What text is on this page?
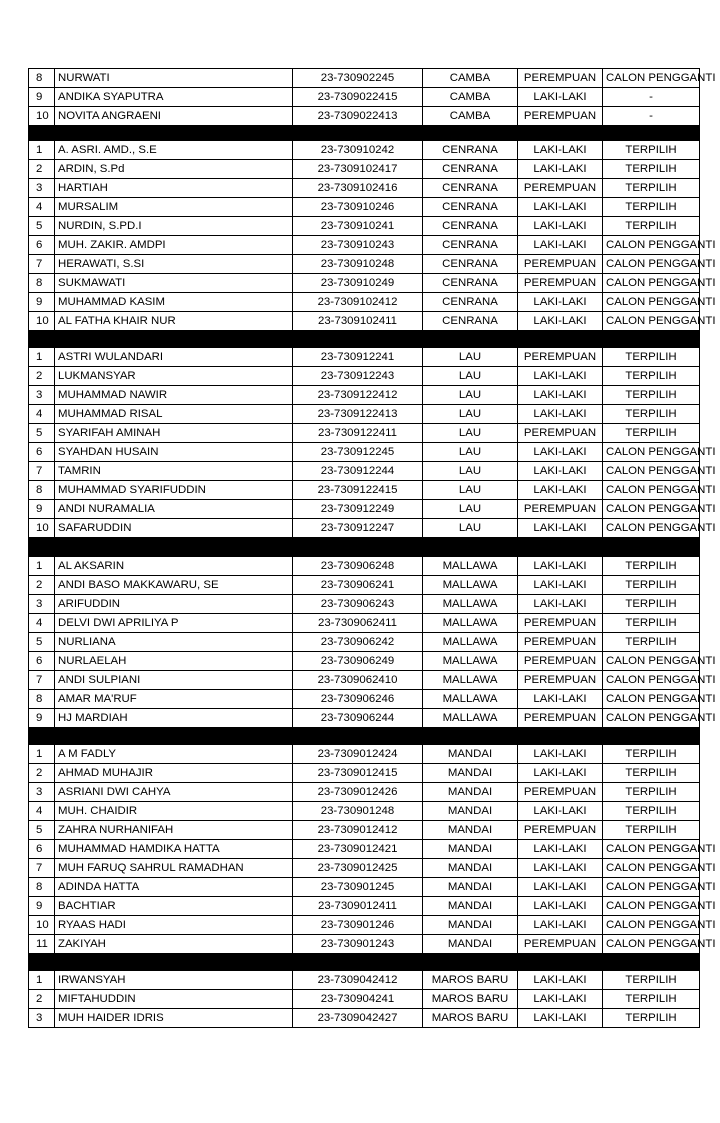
8	NURWATI	23-730902245	CAMBA	PEREMPUAN	CALON PENGGANTI
9	ANDIKA SYAPUTRA	23-7309022415	CAMBA	LAKI-LAKI	-
10	NOVITA ANGRAENI	23-7309022413	CAMBA	PEREMPUAN	-

1	A. ASRI. AMD., S.E	23-730910242	CENRANA	LAKI-LAKI	TERPILIH
2	ARDIN, S.Pd	23-7309102417	CENRANA	LAKI-LAKI	TERPILIH
3	HARTIAH	23-7309102416	CENRANA	PEREMPUAN	TERPILIH
4	MURSALIM	23-730910246	CENRANA	LAKI-LAKI	TERPILIH
5	NURDIN, S.PD.I	23-730910241	CENRANA	LAKI-LAKI	TERPILIH
6	MUH. ZAKIR. AMDPI	23-730910243	CENRANA	LAKI-LAKI	CALON PENGGANTI
7	HERAWATI, S.SI	23-730910248	CENRANA	PEREMPUAN	CALON PENGGANTI
8	SUKMAWATI	23-730910249	CENRANA	PEREMPUAN	CALON PENGGANTI
9	MUHAMMAD KASIM	23-7309102412	CENRANA	LAKI-LAKI	CALON PENGGANTI
10	AL FATHA KHAIR NUR	23-7309102411	CENRANA	LAKI-LAKI	CALON PENGGANTI

1	ASTRI WULANDARI	23-730912241	LAU	PEREMPUAN	TERPILIH
2	LUKMANSYAR	23-730912243	LAU	LAKI-LAKI	TERPILIH
3	MUHAMMAD NAWIR	23-7309122412	LAU	LAKI-LAKI	TERPILIH
4	MUHAMMAD RISAL	23-7309122413	LAU	LAKI-LAKI	TERPILIH
5	SYARIFAH AMINAH	23-7309122411	LAU	PEREMPUAN	TERPILIH
6	SYAHDAN HUSAIN	23-730912245	LAU	LAKI-LAKI	CALON PENGGANTI
7	TAMRIN	23-730912244	LAU	LAKI-LAKI	CALON PENGGANTI
8	MUHAMMAD SYARIFUDDIN	23-7309122415	LAU	LAKI-LAKI	CALON PENGGANTI
9	ANDI NURAMALIA	23-730912249	LAU	PEREMPUAN	CALON PENGGANTI
10	SAFARUDDIN	23-730912247	LAU	LAKI-LAKI	CALON PENGGANTI

1	AL AKSARIN	23-730906248	MALLAWA	LAKI-LAKI	TERPILIH
2	ANDI BASO MAKKAWARU, SE	23-730906241	MALLAWA	LAKI-LAKI	TERPILIH
3	ARIFUDDIN	23-730906243	MALLAWA	LAKI-LAKI	TERPILIH
4	DELVI DWI APRILIYA P	23-7309062411	MALLAWA	PEREMPUAN	TERPILIH
5	NURLIANA	23-730906242	MALLAWA	PEREMPUAN	TERPILIH
6	NURLAELAH	23-730906249	MALLAWA	PEREMPUAN	CALON PENGGANTI
7	ANDI SULPIANI	23-7309062410	MALLAWA	PEREMPUAN	CALON PENGGANTI
8	AMAR MA'RUF	23-730906246	MALLAWA	LAKI-LAKI	CALON PENGGANTI
9	HJ MARDIAH	23-730906244	MALLAWA	PEREMPUAN	CALON PENGGANTI

1	A M FADLY	23-7309012424	MANDAI	LAKI-LAKI	TERPILIH
2	AHMAD MUHAJIR	23-7309012415	MANDAI	LAKI-LAKI	TERPILIH
3	ASRIANI DWI CAHYA	23-7309012426	MANDAI	PEREMPUAN	TERPILIH
4	MUH. CHAIDIR	23-730901248	MANDAI	LAKI-LAKI	TERPILIH
5	ZAHRA NURHANIFAH	23-7309012412	MANDAI	PEREMPUAN	TERPILIH
6	MUHAMMAD HAMDIKA HATTA	23-7309012421	MANDAI	LAKI-LAKI	CALON PENGGANTI
7	MUH FARUQ SAHRUL RAMADHAN	23-7309012425	MANDAI	LAKI-LAKI	CALON PENGGANTI
8	ADINDA HATTA	23-730901245	MANDAI	LAKI-LAKI	CALON PENGGANTI
9	BACHTIAR	23-7309012411	MANDAI	LAKI-LAKI	CALON PENGGANTI
10	RYAAS HADI	23-730901246	MANDAI	LAKI-LAKI	CALON PENGGANTI
11	ZAKIYAH	23-730901243	MANDAI	PEREMPUAN	CALON PENGGANTI

1	IRWANSYAH	23-7309042412	MAROS BARU	LAKI-LAKI	TERPILIH
2	MIFTAHUDDIN	23-730904241	MAROS BARU	LAKI-LAKI	TERPILIH
3	MUH HAIDER IDRIS	23-7309042427	MAROS BARU	LAKI-LAKI	TERPILIH
